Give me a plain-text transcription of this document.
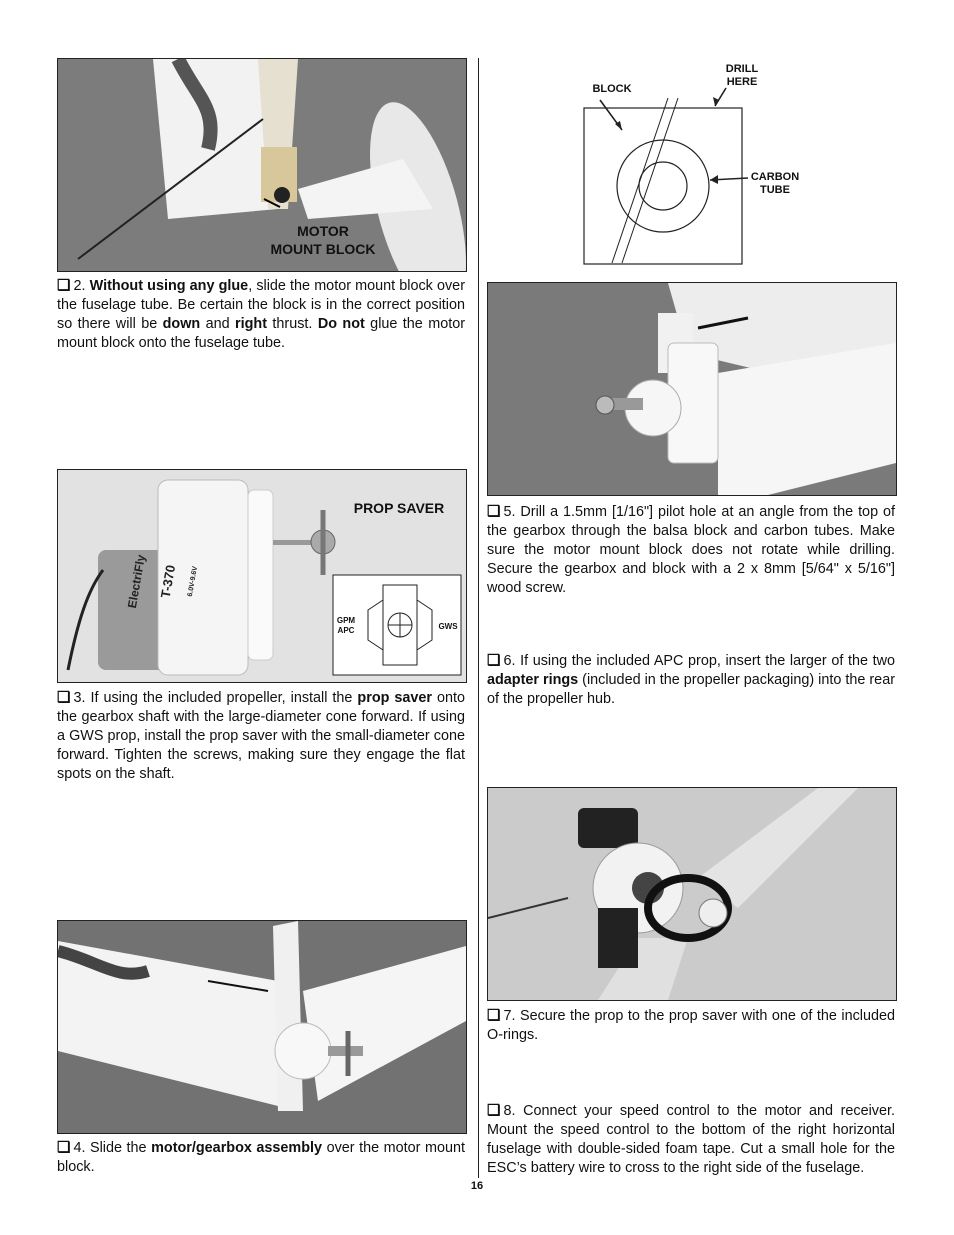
MOTOR
MOUNT BLOCK
❏ 2. Without using any glue, slide the motor mount block over the fuselage tube. Be certain the block is in the correct position so there will be down and right thrust. Do not glue the motor mount block onto the fuselage tube.
PROP SAVER
GPM
APC	GWS
ElectriFly T-370	6.0V-9.6V
❏ 3. If using the included propeller, install the prop saver onto the gearbox shaft with the large-diameter cone forward. If using a GWS prop, install the prop saver with the small-diameter cone forward. Tighten the screws, making sure they engage the flat spots on the shaft.
❏ 4. Slide the motor/gearbox assembly over the motor mount block.
BLOCK
DRILL
HERE
CARBON
TUBE
❏ 5. Drill a 1.5mm [1/16"] pilot hole at an angle from the top of the gearbox through the balsa block and carbon tubes. Make sure the motor mount block does not rotate while drilling. Secure the gearbox and block with a 2 x 8mm [5/64" x 5/16"] wood screw.
❏ 6. If using the included APC prop, insert the larger of the two adapter rings (included in the propeller packaging) into the rear of the propeller hub.
❏ 7. Secure the prop to the prop saver with one of the included O-rings.
❏ 8. Connect your speed control to the motor and receiver. Mount the speed control to the bottom of the right horizontal fuselage with double-sided foam tape. Cut a small hole for the ESC’s battery wire to cross to the right side of the fuselage.
16
